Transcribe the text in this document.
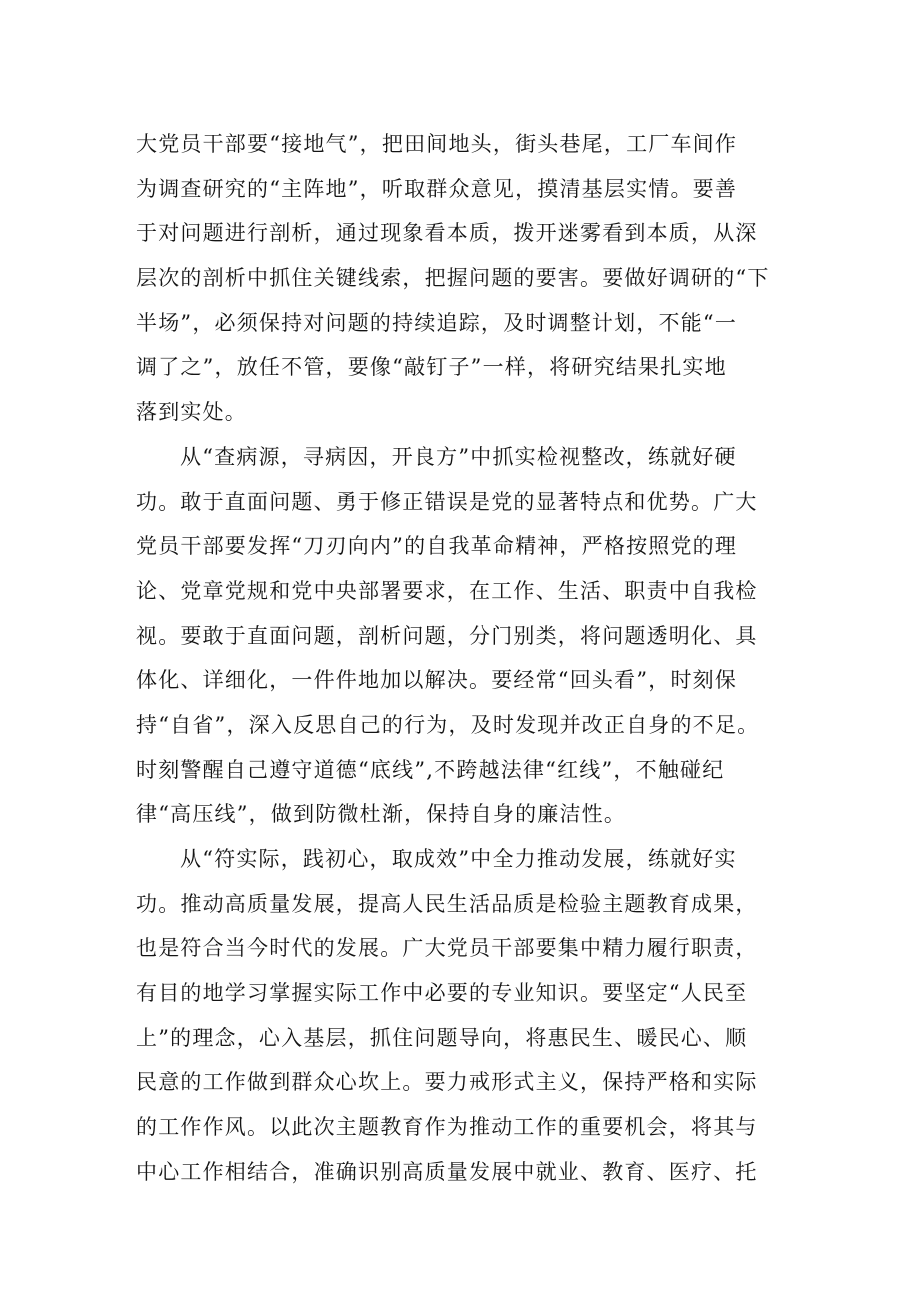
大党员干部要“接地气”，把田间地头，街头巷尾，工厂车间作
为调查研究的“主阵地”，听取群众意见，摸清基层实情。要善
于对问题进行剖析，通过现象看本质，拨开迷雾看到本质，从深
层次的剖析中抓住关键线索，把握问题的要害。要做好调研的“下
半场”，必须保持对问题的持续追踪，及时调整计划，不能“一
调了之”，放任不管，要像“敲钉子”一样，将研究结果扎实地
落到实处。
从“查病源，寻病因，开良方”中抓实检视整改，练就好硬
功。敢于直面问题、勇于修正错误是党的显著特点和优势。广大
党员干部要发挥“刀刃向内”的自我革命精神，严格按照党的理
论、党章党规和党中央部署要求，在工作、生活、职责中自我检
视。要敢于直面问题，剖析问题，分门别类，将问题透明化、具
体化、详细化，一件件地加以解决。要经常“回头看”，时刻保
持“自省”，深入反思自己的行为，及时发现并改正自身的不足。
时刻警醒自己遵守道德“底线”,不跨越法律“红线”，不触碰纪
律“高压线”，做到防微杜渐，保持自身的廉洁性。
从“符实际，践初心，取成效”中全力推动发展，练就好实
功。推动高质量发展，提高人民生活品质是检验主题教育成果，
也是符合当今时代的发展。广大党员干部要集中精力履行职责，
有目的地学习掌握实际工作中必要的专业知识。要坚定“人民至
上”的理念，心入基层，抓住问题导向，将惠民生、暖民心、顺
民意的工作做到群众心坎上。要力戒形式主义，保持严格和实际
的工作作风。以此次主题教育作为推动工作的重要机会，将其与
中心工作相结合，准确识别高质量发展中就业、教育、医疗、托
